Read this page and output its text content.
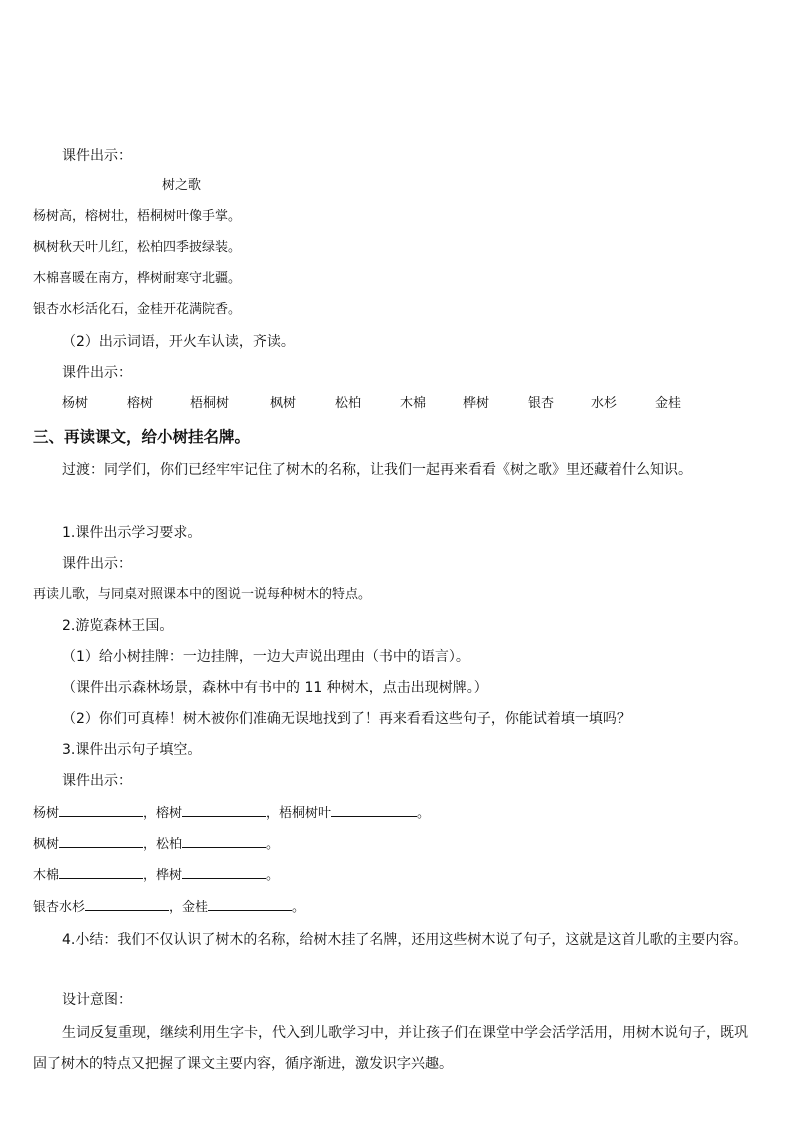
课件出示：
树之歌
杨树高，榕树壮，梧桐树叶像手掌。
枫树秋天叶儿红，松柏四季披绿装。
木棉喜暖在南方，桦树耐寒守北疆。
银杏水杉活化石，金桂开花满院香。
（2）出示词语，开火车认读，齐读。
课件出示：
杨树	榕树	梧桐树	枫树	松柏	木棉	桦树	银杏	水杉	金桂
三、再读课文，给小树挂名牌。
过渡：同学们，你们已经牢牢记住了树木的名称，让我们一起再来看看《树之歌》里还藏着什么知识。
1.课件出示学习要求。
课件出示：
再读儿歌，与同桌对照课本中的图说一说每种树木的特点。
2.游览森林王国。
（1）给小树挂牌：一边挂牌，一边大声说出理由（书中的语言）。
（课件出示森林场景，森林中有书中的 11 种树木，点击出现树牌。）
（2）你们可真棒！树木被你们准确无误地找到了！再来看看这些句子，你能试着填一填吗？
3.课件出示句子填空。
课件出示：
杨树	，榕树	，梧桐树叶	。
枫树	，松柏	。
木棉	，桦树	。
银杏水杉	，金桂	。
4.小结：我们不仅认识了树木的名称，给树木挂了名牌，还用这些树木说了句子，这就是这首儿歌的主要内容。
设计意图：
生词反复重现，继续利用生字卡，代入到儿歌学习中，并让孩子们在课堂中学会活学活用，用树木说句子，既巩固了树木的特点又把握了课文主要内容，循序渐进，激发识字兴趣。
